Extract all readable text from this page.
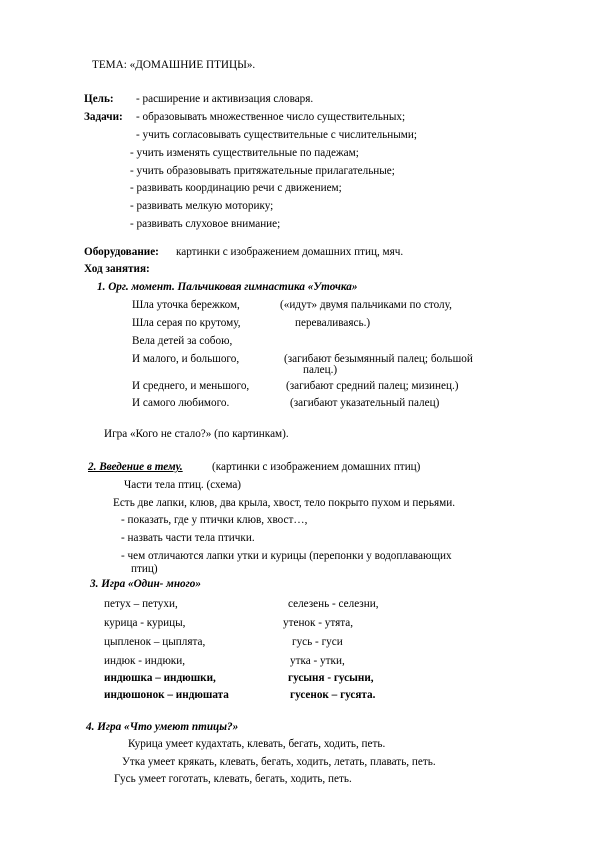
ТЕМА: «ДОМАШНИЕ ПТИЦЫ».
Цель: - расширение и активизация словаря.
Задачи: - образовывать множественное число существительных;
- учить согласовывать существительные с числительными;
- учить изменять существительные по падежам;
- учить образовывать притяжательные прилагательные;
- развивать координацию речи с движением;
- развивать мелкую моторику;
- развивать слуховое внимание;
Оборудование: картинки с изображением домашних птиц, мяч.
Ход занятия:
1. Орг. момент. Пальчиковая гимнастика «Уточка»
Шла уточка бережком,	(«идут» двумя пальчиками по столу,
Шла серая по крутому,	переваливаясь.)
Вела детей за собою,
И малого, и большого,	(загибают безымянный палец; большой
палец.)
И среднего, и меньшого,	(загибают средний палец; мизинец.)
И самого любимого.	(загибают указательный палец)
Игра «Кого не стало?» (по картинкам).
2. Введение в тему.	(картинки с изображением домашних птиц)
Части тела птиц. (схема)
Есть две лапки, клюв, два крыла, хвост, тело покрыто пухом и перьями.
- показать, где у птички клюв, хвост…,
- назвать части тела птички.
- чем отличаются лапки утки и курицы (перепонки у водоплавающих
птиц)
3. Игра «Один- много»
петух – петухи,	селезень - селезни,
курица - курицы,	утенок - утята,
цыпленок – цыплята,	гусь - гуси
индюк - индюки,	утка - утки,
индюшка – индюшки,	гусыня - гусыни,
индюшонок – индюшата	гусенок – гусята.
4. Игра «Что умеют птицы?»
Курица умеет кудахтать, клевать, бегать, ходить, петь.
Утка умеет крякать, клевать, бегать, ходить, летать, плавать, петь.
Гусь умеет гоготать, клевать, бегать, ходить, петь.
